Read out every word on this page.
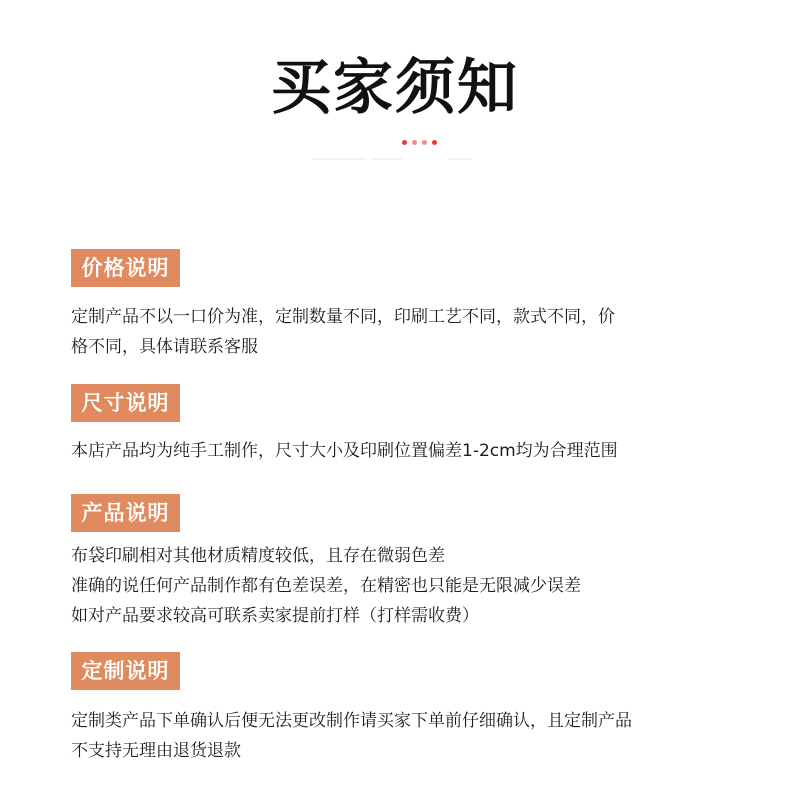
买家须知
价格说明
定制产品不以一口价为准，定制数量不同，印刷工艺不同，款式不同，价
格不同，具体请联系客服
尺寸说明
本店产品均为纯手工制作，尺寸大小及印刷位置偏差1-2cm均为合理范围
产品说明
布袋印刷相对其他材质精度较低，且存在微弱色差
准确的说任何产品制作都有色差误差，在精密也只能是无限减少误差
如对产品要求较高可联系卖家提前打样（打样需收费）
定制说明
定制类产品下单确认后便无法更改制作请买家下单前仔细确认，且定制产品
不支持无理由退货退款
